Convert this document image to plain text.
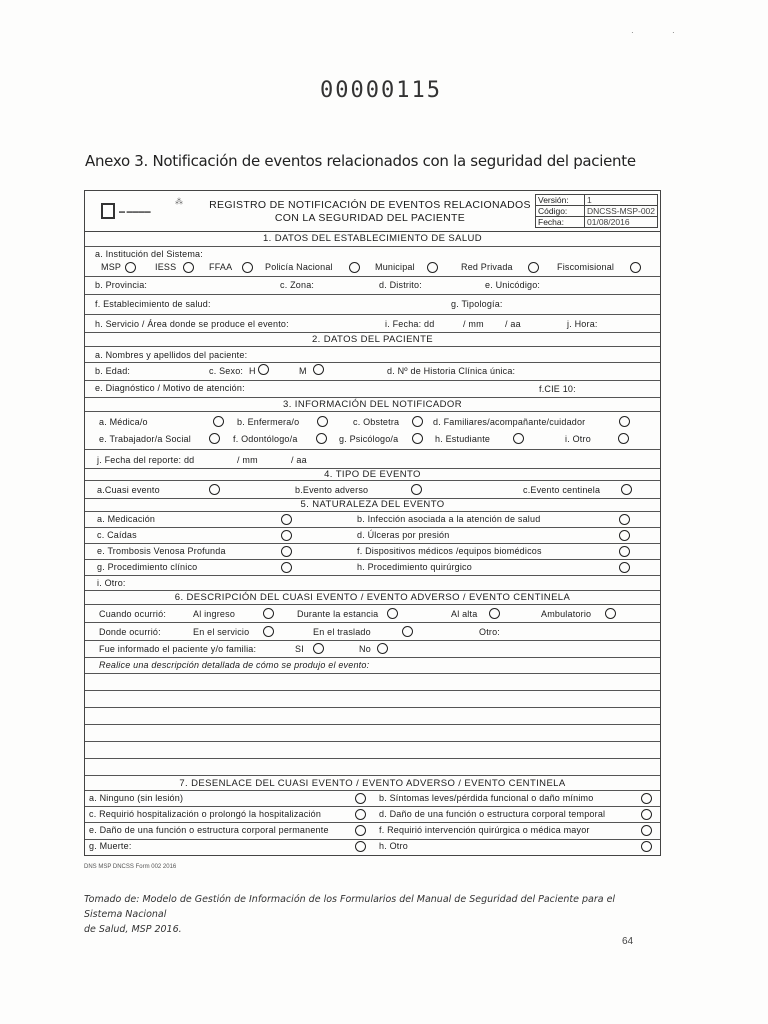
·	·
00000115
Anexo 3. Notificación de eventos relacionados con la seguridad del paciente
▬ ▬▬▬▬
⁂	REGISTRO DE NOTIFICACIÓN DE EVENTOS RELACIONADOS
CON LA SEGURIDAD DEL PACIENTE
Versión:	1
Código:	DNCSS-MSP-002
Fecha:	01/08/2016
1. DATOS DEL ESTABLECIMIENTO DE SALUD
a. Institución del Sistema:
MSP	IESS	FFAA	Policía Nacional	Municipal	Red Privada	Fiscomisional
b. Provincia:	c. Zona:	d. Distrito:	e. Unicódigo:
f. Establecimiento de salud:	g. Tipología:
h. Servicio / Área donde se produce el evento:	i. Fecha: dd	/ mm / aa	j. Hora:
2. DATOS DEL PACIENTE
a. Nombres y apellidos del paciente:
b. Edad:	c. Sexo: H	M	d. Nº de Historia Clínica única:
e. Diagnóstico / Motivo de atención:	f.CIE 10:
3. INFORMACIÓN DEL NOTIFICADOR
a. Médica/o	b. Enfermera/o	c. Obstetra	d. Familiares/acompañante/cuidador
e. Trabajador/a Social	f. Odontólogo/a	g. Psicólogo/a	h. Estudiante	i. Otro
j. Fecha del reporte: dd	/ mm	/ aa
4. TIPO DE EVENTO
a.Cuasi evento	b.Evento adverso	c.Evento centinela
5. NATURALEZA DEL EVENTO
a. Medicación	b. Infección asociada a la atención de salud
c. Caídas	d. Úlceras por presión
e. Trombosis Venosa Profunda	f. Dispositivos médicos /equipos biomédicos
g. Procedimiento clínico	h. Procedimiento quirúrgico
i. Otro:
6. DESCRIPCIÓN DEL CUASI EVENTO / EVENTO ADVERSO / EVENTO CENTINELA
Cuando ocurrió:	Al ingreso	Durante la estancia	Al alta	Ambulatorio
Donde ocurrió:	En el servicio	En el traslado	Otro:
Fue informado el paciente y/o familia:	SI	No
Realice una descripción detallada de cómo se produjo el evento:
7. DESENLACE DEL CUASI EVENTO / EVENTO ADVERSO / EVENTO CENTINELA
a. Ninguno (sin lesión)	b. Síntomas leves/pérdida funcional o daño mínimo
c. Requirió hospitalización o prolongó la hospitalización	d. Daño de una función o estructura corporal temporal
e. Daño de una función o estructura corporal permanente	f. Requirió intervención quirúrgica o médica mayor
g. Muerte:	h. Otro
DNS MSP DNCSS Form 002 2016
Tomado de: Modelo de Gestión de Información de los Formularios del Manual de Seguridad del Paciente para el Sistema Nacional
de Salud, MSP 2016.
64
